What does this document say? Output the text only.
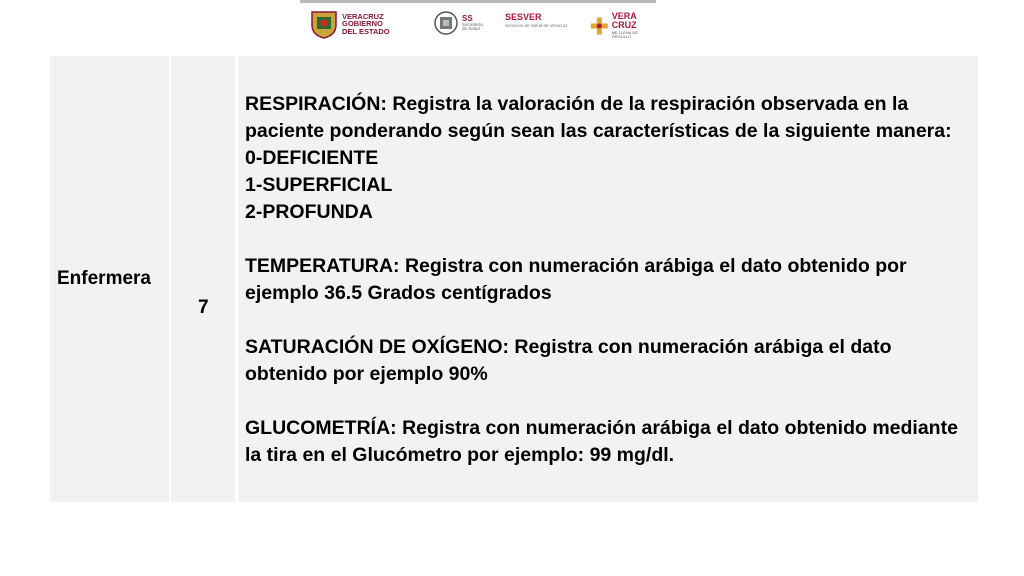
VERACRUZ
GOBIERNO
DEL ESTADO
SS
Secretaría
de Salud
SESVER
Servicios de Salud de Veracruz
VERA CRUZ
ME LLENA DE ORGULLO
Enfermera
7

RESPIRACIÓN: Registra la valoración de la respiración observada en la paciente ponderando según sean las características de la siguiente manera:

0-DEFICIENTE

1-SUPERFICIAL

2-PROFUNDA

TEMPERATURA: Registra con numeración arábiga el dato obtenido por ejemplo 36.5 Grados centígrados

SATURACIÓN DE OXÍGENO: Registra con numeración arábiga el dato obtenido por ejemplo 90%

GLUCOMETRÍA: Registra con numeración arábiga el dato obtenido mediante la tira en el Glucómetro por ejemplo: 99 mg/dl.
